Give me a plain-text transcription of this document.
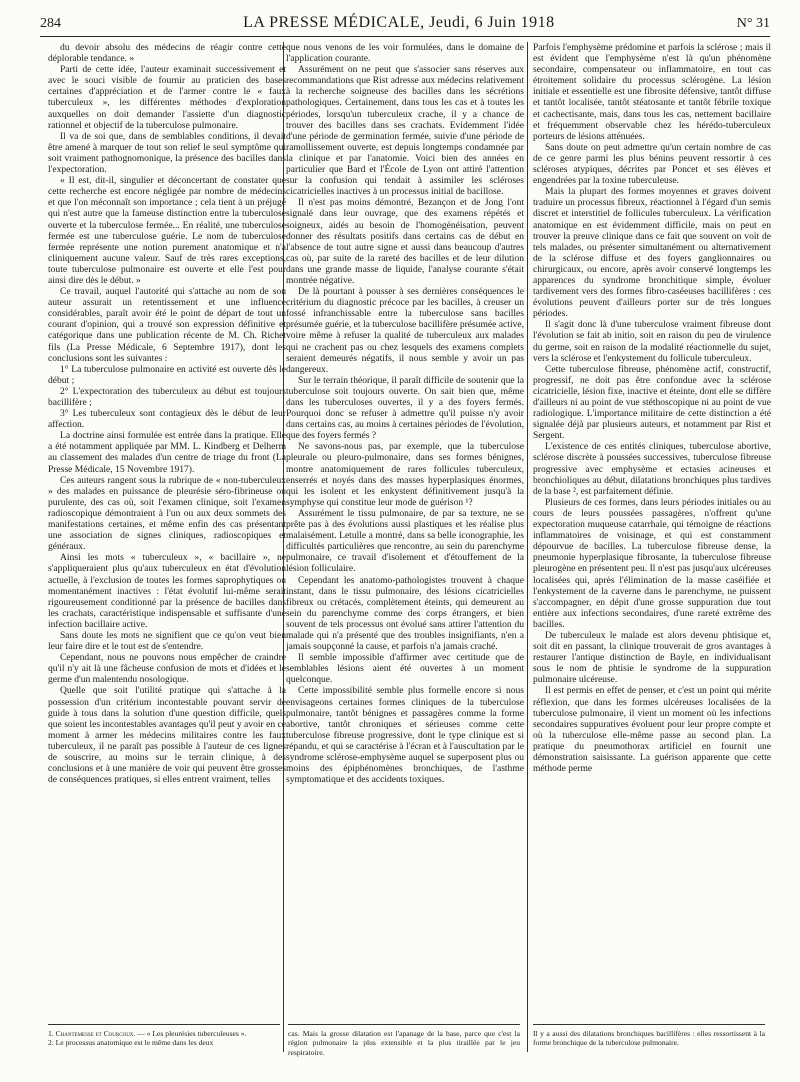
284	LA PRESSE MÉDICALE, Jeudi, 6 Juin 1918	N° 31

du devoir absolu des médecins de réagir contre cette déplorable tendance. »

Parti de cette idée, l'auteur examinait successivement et avec le souci visible de fournir au praticien des bases certaines d'appréciation et de l'armer contre le « faux tuberculeux », les différentes méthodes d'exploration auxquelles on doit demander l'assiette d'un diagnostic rationnel et objectif de la tuberculose pulmonaire.

Il va de soi que, dans de semblables conditions, il devait être amené à marquer de tout son relief le seul symptôme qui soit vraiment pathognomonique, la présence des bacilles dans l'expectoration.

« Il est, dit-il, singulier et déconcertant de constater que cette recherche est encore négligée par nombre de médecins et que l'on méconnaît son importance ; cela tient à un préjugé qui n'est autre que la fameuse distinction entre la tuberculose ouverte et la tuberculose fermée... En réalité, une tuberculose fermée est une tuberculose guérie. Le nom de tuberculose fermée représente une notion purement anatomique et n'a cliniquement aucune valeur. Sauf de très rares exceptions, toute tuberculose pulmonaire est ouverte et elle l'est pour ainsi dire dès le début. »

Ce travail, auquel l'autorité qui s'attache au nom de son auteur assurait un retentissement et une influence considérables, paraît avoir été le point de départ de tout un courant d'opinion, qui a trouvé son expression définitive et catégorique dans une publication récente de M. Ch. Richet fils (La Presse Médicale, 6 Septembre 1917), dont les conclusions sont les suivantes :

1° La tuberculose pulmonaire en activité est ouverte dès le début ;

2° L'expectoration des tuberculeux au début est toujours bacillifère ;

3° Les tuberculeux sont contagieux dès le début de leur affection.

La doctrine ainsi formulée est entrée dans la pratique. Elle a été notamment appliquée par MM. L. Kindberg et Delherm au classement des malades d'un centre de triage du front (La Presse Médicale, 15 Novembre 1917).

Ces auteurs rangent sous la rubrique de « non-tuberculeux » des malades en puissance de pleurésie séro-fibrineuse ou purulente, des cas où, soit l'examen clinique, soit l'examen radioscopique démontraient à l'un ou aux deux sommets des manifestations certaines, et même enfin des cas présentant une association de signes cliniques, radioscopiques et généraux.

Ainsi les mots « tuberculeux », « bacillaire », ne s'appliqueraient plus qu'aux tuberculeux en état d'évolution actuelle, à l'exclusion de toutes les formes saprophytiques ou momentanément inactives : l'état évolutif lui-même serait rigoureusement conditionné par la présence de bacilles dans les crachats, caractéristique indispensable et suffisante d'une infection bacillaire active.

Sans doute les mots ne signifient que ce qu'on veut bien leur faire dire et le tout est de s'entendre.

Cependant, nous ne pouvons nous empêcher de craindre qu'il n'y ait là une fâcheuse confusion de mots et d'idées et le germe d'un malentendu nosologique.

Quelle que soit l'utilité pratique qui s'attache à la possession d'un critérium incontestable pouvant servir de guide à tous dans la solution d'une question difficile, quels que soient les incontestables avantages qu'il peut y avoir en ce moment à armer les médecins militaires contre les faux tuberculeux, il ne paraît pas possible à l'auteur de ces lignes de souscrire, au moins sur le terrain clinique, à des conclusions et à une manière de voir qui peuvent être grosses de conséquences pratiques, si elles entrent vraiment, telles

que nous venons de les voir formulées, dans le domaine de l'application courante.

Assurément on ne peut que s'associer sans réserves aux recommandations que Rist adresse aux médecins relativement à la recherche soigneuse des bacilles dans les sécrétions pathologiques. Certainement, dans tous les cas et à toutes les périodes, lorsqu'un tuberculeux crache, il y a chance de trouver des bacilles dans ses crachats. Evidemment l'idée d'une période de germination fermée, suivie d'une période de ramollissement ouverte, est depuis longtemps condamnée par la clinique et par l'anatomie. Voici bien des années en particulier que Bard et l'École de Lyon ont attiré l'attention sur la confusion qui tendait à assimiler les scléroses cicatricielles inactives à un processus initial de bacillose.

Il n'est pas moins démontré, Bezançon et de Jong l'ont signalé dans leur ouvrage, que des examens répétés et soigneux, aidés au besoin de l'homogénéisation, peuvent donner des résultats positifs dans certains cas de début en l'absence de tout autre signe et aussi dans beaucoup d'autres cas où, par suite de la rareté des bacilles et de leur dilution dans une grande masse de liquide, l'analyse courante s'était montrée négative.

De là pourtant à pousser à ses dernières conséquences le critérium du diagnostic précoce par les bacilles, à creuser un fossé infranchissable entre la tuberculose sans bacilles présumée guérie, et la tuberculose bacillifère présumée active, voire même à refuser la qualité de tuberculeux aux malades qui ne crachent pas ou chez lesquels des examens complets seraient demeurés négatifs, il nous semble y avoir un pas dangereux.

Sur le terrain théorique, il paraît difficile de soutenir que la tuberculose soit toujours ouverte. On sait bien que, même dans les tuberculoses ouvertes, il y a des foyers fermés. Pourquoi donc se refuser à admettre qu'il puisse n'y avoir dans certains cas, au moins à certaines périodes de l'évolution, que des foyers fermés ?

Ne savons-nous pas, par exemple, que la tuberculose pleurale ou pleuro-pulmonaire, dans ses formes bénignes, montre anatomiquement de rares follicules tuberculeux, enserrés et noyés dans des masses hyperplasiques énormes, qui les isolent et les enkystent définitivement jusqu'à la symphyse qui constitue leur mode de guérison ¹?

Assurément le tissu pulmonaire, de par sa texture, ne se prête pas à des évolutions aussi plastiques et les réalise plus malaisément. Letulle a montré, dans sa belle iconographie, les difficultés particulières que rencontre, au sein du parenchyme pulmonaire, ce travail d'isolement et d'étouffement de la lésion folliculaire.

Cependant les anatomo-pathologistes trouvent à chaque instant, dans le tissu pulmonaire, des lésions cicatricielles fibreux ou crétacés, complètement éteints, qui demeurent au sein du parenchyme comme des corps étrangers, et bien souvent de tels processus ont évolué sans attirer l'attention du malade qui n'a présenté que des troubles insignifiants, n'en a jamais soupçonné la cause, et parfois n'a jamais craché.

Il semble impossible d'affirmer avec certitude que de semblables lésions aient été ouvertes à un moment quelconque.

Cette impossibilité semble plus formelle encore si nous envisageons certaines formes cliniques de la tuberculose pulmonaire, tantôt bénignes et passagères comme la forme abortive, tantôt chroniques et sérieuses comme cette tuberculose fibreuse progressive, dont le type clinique est si répandu, et qui se caractérise à l'écran et à l'auscultation par le syndrome sclérose-emphysème auquel se superposent plus ou moins des épiphénomènes bronchiques, de l'asthme symptomatique et des accidents toxiques.

Parfois l'emphysème prédomine et parfois la sclérose ; mais il est évident que l'emphysème n'est là qu'un phénomène secondaire, compensateur ou inflammatoire, en tout cas étroitement solidaire du processus sclérogène. La lésion initiale et essentielle est une fibrosite défensive, tantôt diffuse et tantôt localisée, tantôt stéatosante et tantôt fébrile toxique et cachectisante, mais, dans tous les cas, nettement bacillaire et fréquemment observable chez les hérédo-tuberculeux porteurs de lésions atténuées.

Sans doute on peut admettre qu'un certain nombre de cas de ce genre parmi les plus bénins peuvent ressortir à ces scléroses atypiques, décrites par Poncet et ses élèves et engendrées par la toxine tuberculeuse.

Mais la plupart des formes moyennes et graves doivent traduire un processus fibreux, réactionnel à l'égard d'un semis discret et interstitiel de follicules tuberculeux. La vérification anatomique en est évidemment difficile, mais on peut en trouver la preuve clinique dans ce fait que souvent on voit de tels malades, ou présenter simultanément ou alternativement de la sclérose diffuse et des foyers ganglionnaires ou chirurgicaux, ou encore, après avoir conservé longtemps les apparences du syndrome bronchitique simple, évoluer tardivement vers des formes fibro-caséeuses bacillifères : ces évolutions peuvent d'ailleurs porter sur de très longues périodes.

Il s'agit donc là d'une tuberculose vraiment fibreuse dont l'évolution se fait ab initio, soit en raison du peu de virulence du germe, soit en raison de la modalité réactionnelle du sujet, vers la sclérose et l'enkystement du follicule tuberculeux.

Cette tuberculose fibreuse, phénomène actif, constructif, progressif, ne doit pas être confondue avec la sclérose cicatricielle, lésion fixe, inactive et éteinte, dont elle se diffère d'ailleurs ni au point de vue stéthoscopique ni au point de vue radiologique. L'importance militaire de cette distinction a été signalée déjà par plusieurs auteurs, et notamment par Rist et Sergent.

L'existence de ces entités cliniques, tuberculose abortive, sclérose discrète à poussées successives, tuberculose fibreuse progressive avec emphysème et ectasies acineuses et bronchioliques au début, dilatations bronchiques plus tardives de la base ², est parfaitement définie.

Plusieurs de ces formes, dans leurs périodes initiales ou au cours de leurs poussées passagères, n'offrent qu'une expectoration muqueuse catarrhale, qui témoigne de réactions inflammatoires de voisinage, et qui est constamment dépourvue de bacilles. La tuberculose fibreuse dense, la pneumonie hyperplasique fibrosante, la tuberculose fibreuse pleurogène en présentent peu. Il n'est pas jusqu'aux ulcéreuses localisées qui, après l'élimination de la masse caséifiée et l'enkystement de la caverne dans le parenchyme, ne puissent s'accompagner, en dépit d'une grosse suppuration due tout entière aux infections secondaires, d'une rareté extrême des bacilles.

De tuberculeux le malade est alors devenu phtisique et, soit dit en passant, la clinique trouverait de gros avantages à restaurer l'antique distinction de Bayle, en individualisant sous le nom de phtisie le syndrome de la suppuration pulmonaire ulcéreuse.

Il est permis en effet de penser, et c'est un point qui mérite réflexion, que dans les formes ulcéreuses localisées de la tuberculose pulmonaire, il vient un moment où les infections secondaires suppuratives évoluent pour leur propre compte et où la tuberculose elle-même passe au second plan. La pratique du pneumothorax artificiel en fournit une démonstration saisissante. La guérison apparente que cette méthode perme

1. Chantemesse et Courcoux. — « Les pleurésies tuberculeuses ».

2. Le processus anatomique est le même dans les deux

cas. Mais la grosse dilatation est l'apanage de la base, parce que c'est la région pulmonaire la plus extensible et la plus tiraillée par le jeu respiratoire.

Il y a aussi des dilatations bronchiques bacillifères : elles ressortissent à la forme bronchique de la tuberculose pulmonaire.
